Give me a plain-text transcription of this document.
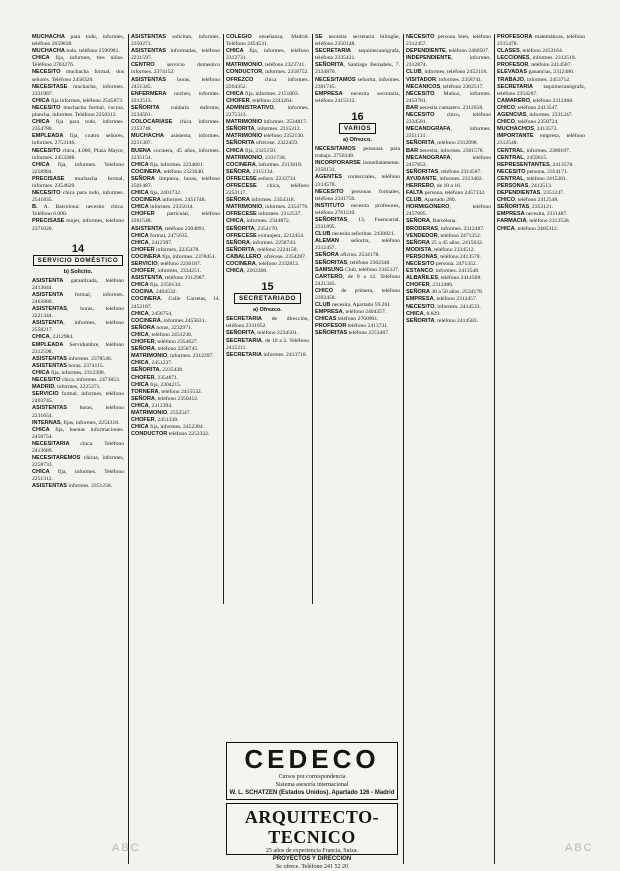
MUCHACHA para todo, informes, teléfono 2659838.

MUCHACHA todo, teléfono 2590981.

CHICA fija, informes, tres niños. Teléfono 2703276.

NECESITO muchacha formal, dos señores. Teléfono 2458320.

NECESITASE muchacha, informes. 2331987.

CHICA fija informes, teléfono 2545873.

NECESITO muchacha formal, cocina, plancha, informes. Teléfono 2250312.

CHICA fija para todo, informes. 2354780.

EMPLEADA fija, cuatro señores, informes. 2753146.

NECESITO chica, 4.000, Plaza Mayor, informes. 2453308.

CHICA fija, informes. Teléfono 2258984.

PRECISASE muchacha formal, informes. 2354620.

NECESITO chica para todo, informes. 2541835.

B. A. Barcelona: necesito chica. Teléfono 6.000.

PRECISASE mujer, informes, teléfono 2371020.

14
SERVICIO DOMÉSTICO
b) Solicito.

ASISTENTA garantizada, teléfono 2413044.

ASISTENTA formal, informes. 2463880.

ASISTENTAS, horas, teléfono 2221344.

ASISTENTA, informes, teléfono 2558217.

CHICA, 2312984.

EMPLEADA Servidumbre, teléfono 2312598.

ASISTENTAS informes. 2378546.

ASISTENTAS horas. 2374115.

CHICA fija, informes, 2312398.

NECESITO chica, informes. 2473853.

MADRID, informes, 2225371.

SERVICIO formal, informes, teléfono 2403745.

ASISTENTAS horas, teléfono 2231654.

INTERNAS, fijas, informes, 2254318.

CHICA fija, buenas informaciones. 2458754.

NECESITARIA chica. Teléfono 2413689.

NECESITAREMOS chicas, informes, 2258733.

CHICA fija, informes. Teléfono 2251312.

ASISTENTAS informes. 2351258.

ASISTENTAS solicitan, informes. 2350271.

ASISTENTAS informadas, teléfono 2231597.

CENTRO servicio domestico informes. 2374152.

ASISTENTAS horas, teléfono 2451345.

ENFERMERA noches, informes. 2212513.

SEÑORITA cuidaría enfermo, 2234501.

COLOCARIASE chica informes. 2353748.

MUCHACHA asistenta, informes. 2231307.

BUENA cocinera, 45 años, informes. 2235154.

CHICA fija, informes. 2234601.

COCINERA, teléfono 2323640.

SEÑORA limpieza, horas, teléfono 2501487.

CHICA fija, 2401732.

COCINERA informes. 2451748.

CHICA informes. 2335614.

CHOFER particular, teléfono 2261548.

ASISTENTA, teléfono 2304891.

CHICA formal, 2475635.

CHICA, 2412397.

CHOFER informes, 2235478.

COCINERA fija, informes. 2378451.

SERVICIO, teléfono 2230187.

CHOFER, informes, 2334251.

ASISTENTA, teléfono 2312987.

CHICA fija, 2350134.

COCINA, 2404532.

COCINERA, Calle Carretas, 14. 2452187.

CHICA, 2456754.

COCINERA, informes 2455631.

SEÑORA horas, 2232971.

CHICA, teléfono 2451238.

CHOFER, teléfono 2354627.

SEÑORA, teléfono 2258745.

MATRIMONIO, informes. 2312397.

CHICA, 2451237.

SEÑORITA, 2235438.

CHOFER, 2354871.

CHICA fija, 2304215.

TORNERA, teléfono 2415532.

SEÑORA, teléfono 2350412.

CHICA, 2312394.

MATRIMONIO, 2552547.

CHOFER, 2451338.

CHICA fija, informes, 2452384.

CONDUCTOR teléfono 2253332.

COLEGIO enseñanza, Madrid. Teléfono 2454531.

CHICA fija, informes, teléfono 2312731.

MATRIMONIO, teléfono 2323741.

CONDUCTOR, informes. 2358752.

OFREZCO chica informes. 2264352.

CHICA fija, informes. 2151803.

CHOFER, teléfono 2243264.

ADMINISTRATIVO, informes. 2275313.

MATRIMONIO informes. 2534817.

SEÑORITA, informes. 2315312.

MATRIMONIO teléfono 2352130.

SEÑORITA ofrécese. 2322459.

CHICA fija, 2325150.

MATRIMONIO, 2331738.

COCINERA, informes. 2313018.

SEÑORA, 2315134.

OFRECESE señora. 2233734.

OFRECESE chica, teléfono 2253117.

SEÑORA informes. 2354318.

MATRIMONIO, informes. 2354776.

OFRECESE informes. 2312537.

CHICA, informes. 2344872.

SEÑORITA, 2354170.

OFRECESE extranjera, 2212454.

SEÑORA, informes. 2258743.

SEÑORITA, teléfono 2224158.

CABALLERO, ofrécese. 2354287.

COCINERA, teléfono 2332812.

CHICA, 2263368.

15
SECRETARIADO
a) Ofrezco.

SECRETARIA de dirección, teléfono 2331652.

SEÑORITA, teléfono 2234501.

SECRETARIA, de 10 a 2. Teléfono 2415211.

SECRETARIA informes. 2413718.

SE necesita secretaria bilingüe, teléfono 2350148.

SECRETARIA taquimecanógrafa, teléfono 2335421.

SEÑORITA, Santiago Bernabéu, 7. 2334870.

NECESITAMOS señorita, informes. 2301745.

EMPRESA necesita secretaria, teléfono 2415312.

16
VARIOS
a) Ofrezco.

NECESITAMOS personas para trabajo. 2750348.

INCORPORARSE inmediatamente. 2356131.

AGENTES comerciales, teléfono 2314578.

NECESITO personas formales, teléfono 2341756.

INSTITUTO necesita profesores, teléfono 2761310.

SEÑORITAS, 13, Fuencarral. 2331895.

CLUB necesita señoritas. 2430821.

ALEMAN señorita, teléfono 2312457.

SEÑORA oficina. 2534178.

SEÑORITAS, teléfono 2302348.

SAMSUNG Club, teléfono 2345127.

CARTERO, de 9 a 12. Teléfono 2421345.

CHICO de primera, teléfono 2302458.

CLUB necesita, Apartado 59.261.

EMPRESA, teléfono 2404357.

CHICAS teléfono 2760901.

PROFESOR teléfono 2413731.

SEÑORITAS teléfono 2253487.

NECESITO persona bien, teléfono 2312457.

DEPENDIENTE, teléfono 2466507.

INDEPENDIENTE, informes. 2312874.

CLUB, informes, teléfono 2452118.

VISITADOR, informes. 2358741.

MECANICOS, teléfono 2302517.

NECESITO Muñoz, informes. 2453781.

BAR necesita camarero. 2312658.

NECESITO chico, teléfono 2334581.

MECANOGRAFA, informes. 2351131.

SEÑORITA, teléfono 2312098.

BAR necesita, informes. 2301578.

MECANOGRAFA, teléfono 2457853.

SEÑORITAS, teléfono 2314587.

AYUDANTE, informes. 2313402.

HERRERO, de 10 a 16.

FALTA persona, teléfono 2457132.

CLUB, Apartado 280.

HORMIGONERO, teléfono 2457895.

SEÑORA, Barcelona.

BRODERAS, informes. 2312487.

VENDEDOR, teléfono 2471352.

SEÑORA 25 a 45 años. 2415632.

MODISTA, teléfono 2334512.

PERSONAS, teléfono 2413578.

NECESITO persona. 2471352.

ESTANCO, informes. 2413548.

ALBAÑILES, teléfono 2414568.

CHOFER, 2312486.

SEÑORA 30 a 50 años. 2534178.

EMPRESA, teléfono 2312457.

NECESITO, informes. 2414533.

CHICA, 8.829.

SEÑORITA, teléfono 2414583.

PROFESORA matemáticas, teléfono 2315478.

CLASES, teléfono 2453164.

LECCIONES, informes. 2312518.

PROFESOR, teléfono 2414587.

ELEVADAS ganancias, 2312486.

TRABAJO, informes. 2453712.

SECRETARIA taquimecanógrafa, teléfono 2354287.

CAMARERO, teléfono 2312468.

CHICO, teléfono 2413547.

AGENCIAS, informes. 2331247.

CHICO, teléfono 2350724.

MUCHACHOS, 2413572.

IMPORTANTE empresa, teléfono 2312548.

CENTRAL, informes. 2300187.

CENTRAL, 2459615.

REPRESENTANTES, 2413578.

NECESITO persona, 2354171.

CENTRAL, teléfono 2415201.

PERSONAS, 2412513.

DEPENDIENTAS, 2351247.

CHICO, teléfono 2412548.

SEÑORITAS, 2353121.

EMPRESA necesita, 2311487.

FARMACIA, teléfono 2312538.

CHICA, teléfono 2405312.

CEDECO
Cursos por correspondencia
Sistema asesoría internacional
W. L. SCHATZEN (Estados Unidos). Apartado 126 - Madrid
ARQUITECTO-TECNICO
25 años de experiencia Francia, Suiza.
PROYECTOS Y DIRECCION
Se ofrece. Teléfono 241 52 20
ABC	ABC
